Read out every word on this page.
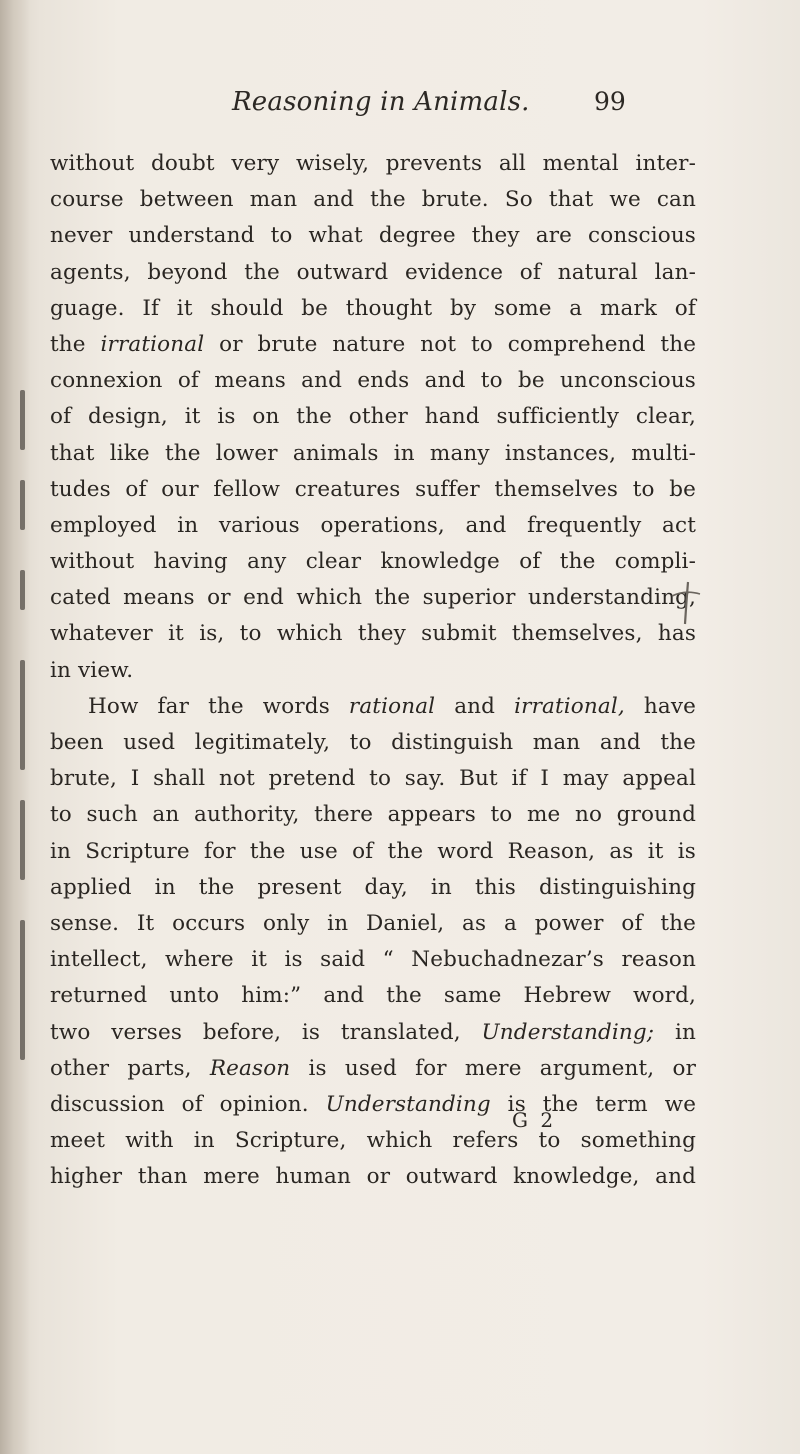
Reasoning in Animals.	99
without doubt very wisely, prevents all mental inter-
course between man and the brute. So that we can
never understand to what degree they are conscious
agents, beyond the outward evidence of natural lan-
guage. If it should be thought by some a mark of
the irrational or brute nature not to comprehend the
connexion of means and ends and to be unconscious
of design, it is on the other hand sufficiently clear,
that like the lower animals in many instances, multi-
tudes of our fellow creatures suffer themselves to be
employed in various operations, and frequently act
without having any clear knowledge of the compli-
cated means or end which the superior understanding,
whatever it is, to which they submit themselves, has
in view.
How far the words rational and irrational, have
been used legitimately, to distinguish man and the
brute, I shall not pretend to say. But if I may appeal
to such an authority, there appears to me no ground
in Scripture for the use of the word Reason, as it is
applied in the present day, in this distinguishing
sense. It occurs only in Daniel, as a power of the
intellect, where it is said “ Nebuchadnezar’s reason
returned unto him:” and the same Hebrew word,
two verses before, is translated, Understanding; in
other parts, Reason is used for mere argument, or
discussion of opinion. Understanding is the term we
meet with in Scripture, which refers to something
higher than mere human or outward knowledge, and
G 2
